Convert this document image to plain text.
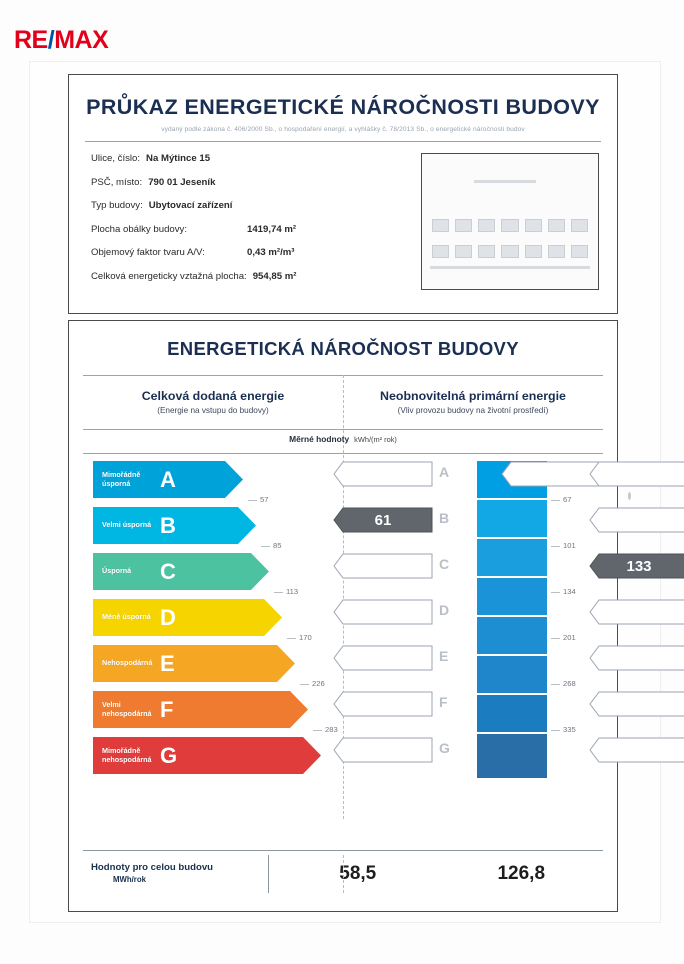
RE/MAX
PRŮKAZ ENERGETICKÉ NÁROČNOSTI BUDOVY
vydaný podle zákona č. 406/2000 Sb., o hospodaření energií, a vyhlášky č. 78/2013 Sb., o energetické náročnosti budov
Ulice, číslo: Na Mýtince 15
PSČ, místo: 790 01 Jeseník
Typ budovy: Ubytovací zařízení
Plocha obálky budovy:	1419,74 m²
Objemový faktor tvaru A/V:	0,43 m²/m³
Celková energeticky vztažná plocha: 954,85 m²
ENERGETICKÁ NÁROČNOST BUDOVY
Celková dodaná energie
(Energie na vstupu do budovy)
Neobnovitelná primární energie
(Vliv provozu budovy na životní prostředí)
Měrné hodnoty kWh/(m² rok)
Mimořádně úsporná	A
Velmi úsporná B
Úsporná	C
Méně úsporná D
Nehospodárná E
Velmi nehospodárná F
Mimořádně nehospodárná G
57
85
113
170
226
283
A
61	B
C
D
E
F
G
67
101
134
201
268
335
133
Hodnoty pro celou budovu
MWh/rok	58,5	126,8
